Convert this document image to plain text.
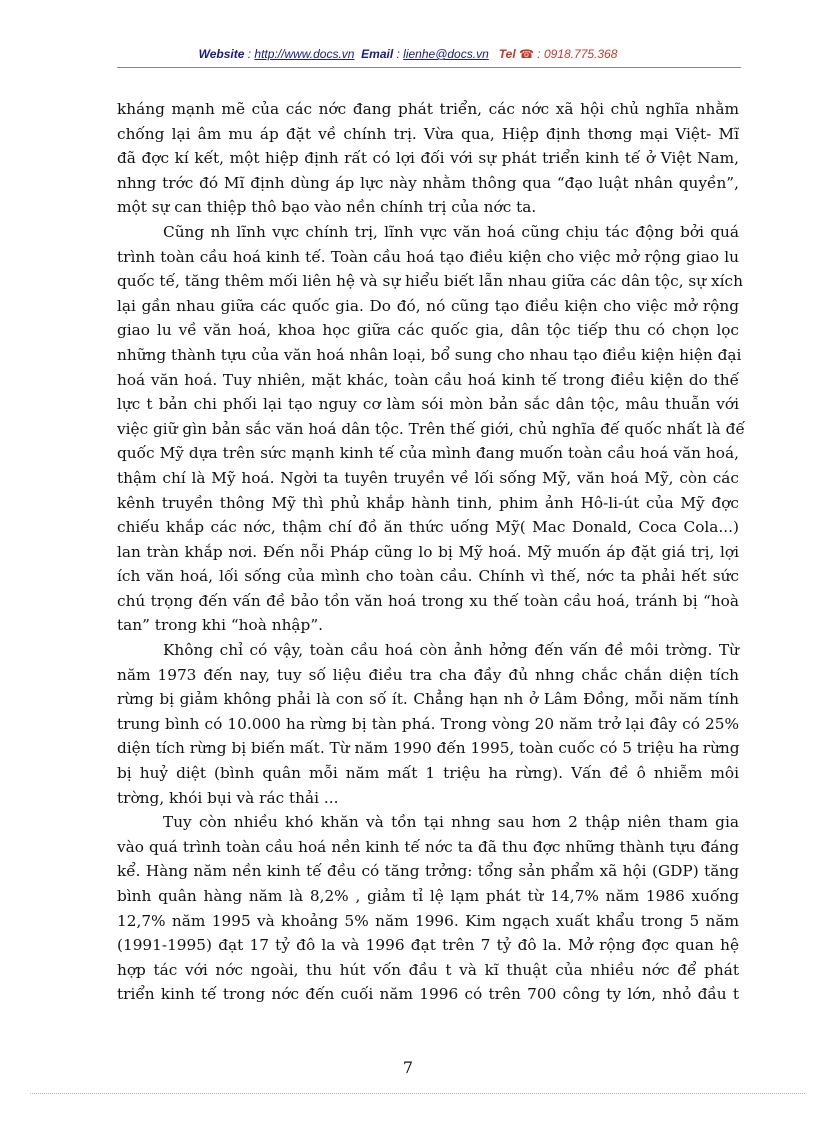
Website : http://www.docs.vn Email : lienhe@docs.vn Tel ☎ : 0918.775.368
kháng mạnh mẽ của các nớc đang phát triển, các nớc xã hội chủ nghĩa nhằm
chống lại âm mu áp đặt về chính trị. Vừa qua, Hiệp định thơng mại Việt- Mĩ
đã đợc kí kết, một hiệp định rất có lợi đối với sự phát triển kinh tế ở Việt Nam,
nhng trớc đó Mĩ định dùng áp lực này nhằm thông qua “đạo luật nhân quyền”,
một sự can thiệp thô bạo vào nền chính trị của nớc ta.
Cũng nh lĩnh vực chính trị, lĩnh vực văn hoá cũng chịu tác động bởi quá
trình toàn cầu hoá kinh tế. Toàn cầu hoá tạo điều kiện cho việc mở rộng giao lu
quốc tế, tăng thêm mối liên hệ và sự hiểu biết lẫn nhau giữa các dân tộc, sự xích
lại gần nhau giữa các quốc gia. Do đó, nó cũng tạo điều kiện cho việc mở rộng
giao lu về văn hoá, khoa học giữa các quốc gia, dân tộc tiếp thu có chọn lọc
những thành tựu của văn hoá nhân loại, bổ sung cho nhau tạo điều kiện hiện đại
hoá văn hoá. Tuy nhiên, mặt khác, toàn cầu hoá kinh tế trong điều kiện do thế
lực t bản chi phối lại tạo nguy cơ làm sói mòn bản sắc dân tộc, mâu thuẫn với
việc giữ gìn bản sắc văn hoá dân tộc. Trên thế giới, chủ nghĩa đế quốc nhất là đế
quốc Mỹ dựa trên sức mạnh kinh tế của mình đang muốn toàn cầu hoá văn hoá,
thậm chí là Mỹ hoá. Ngời ta tuyên truyền về lối sống Mỹ, văn hoá Mỹ, còn các
kênh truyền thông Mỹ thì phủ khắp hành tinh, phim ảnh Hô-li-út của Mỹ đợc
chiếu khắp các nớc, thậm chí đồ ăn thức uống Mỹ( Mac Donald, Coca Cola...)
lan tràn khắp nơi. Đến nỗi Pháp cũng lo bị Mỹ hoá. Mỹ muốn áp đặt giá trị, lợi
ích văn hoá, lối sống của mình cho toàn cầu. Chính vì thế, nớc ta phải hết sức
chú trọng đến vấn đề bảo tồn văn hoá trong xu thế toàn cầu hoá, tránh bị “hoà
tan” trong khi “hoà nhập”.
Không chỉ có vậy, toàn cầu hoá còn ảnh hởng đến vấn đề môi trờng. Từ
năm 1973 đến nay, tuy số liệu điều tra cha đầy đủ nhng chắc chắn diện tích
rừng bị giảm không phải là con số ít. Chẳng hạn nh ở Lâm Đồng, mỗi năm tính
trung bình có 10.000 ha rừng bị tàn phá. Trong vòng 20 năm trở lại đây có 25%
diện tích rừng bị biến mất. Từ năm 1990 đến 1995, toàn cuốc có 5 triệu ha rừng
bị huỷ diệt (bình quân mỗi năm mất 1 triệu ha rừng). Vấn đề ô nhiễm môi
trờng, khói bụi và rác thải ...
Tuy còn nhiều khó khăn và tồn tại nhng sau hơn 2 thập niên tham gia
vào quá trình toàn cầu hoá nền kinh tế nớc ta đã thu đợc những thành tựu đáng
kể. Hàng năm nền kinh tế đều có tăng trởng: tổng sản phẩm xã hội (GDP) tăng
bình quân hàng năm là 8,2% , giảm tỉ lệ lạm phát từ 14,7% năm 1986 xuống
12,7% năm 1995 và khoảng 5% năm 1996. Kim ngạch xuất khẩu trong 5 năm
(1991-1995) đạt 17 tỷ đô la và 1996 đạt trên 7 tỷ đô la. Mở rộng đợc quan hệ
hợp tác với nớc ngoài, thu hút vốn đầu t và kĩ thuật của nhiều nớc để phát
triển kinh tế trong nớc đến cuối năm 1996 có trên 700 công ty lớn, nhỏ đầu t
7
